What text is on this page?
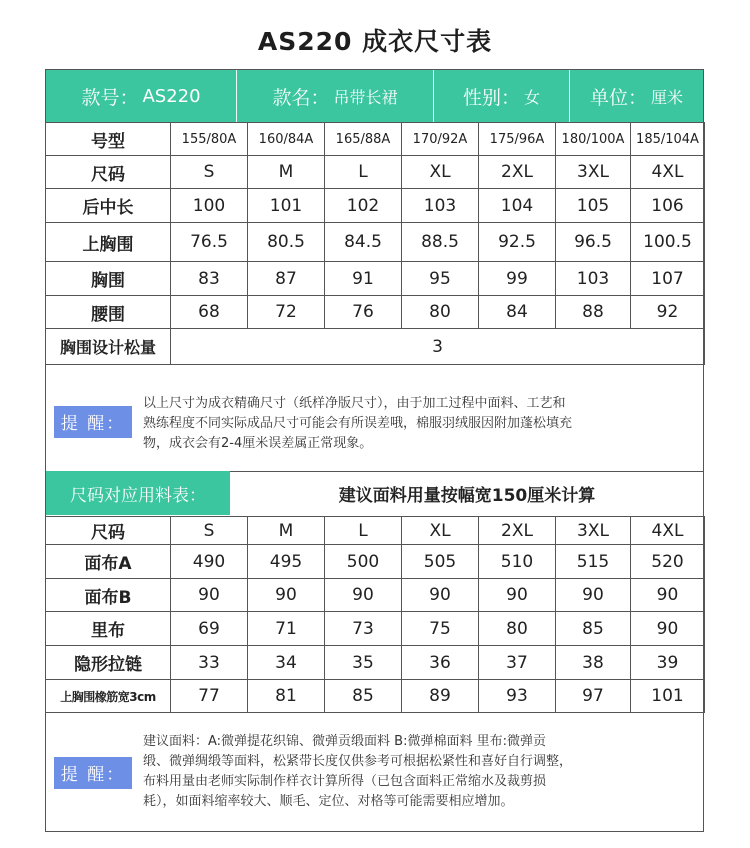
AS220 成衣尺寸表
款号： AS220	款名： 吊带长裙	性别： 女	单位： 厘米
号型	155/80A	160/84A	165/88A	170/92A	175/96A	180/100A	185/104A
尺码	S	M	L	XL	2XL	3XL	4XL
后中长	100	101	102	103	104	105	106
上胸围	76.5	80.5	84.5	88.5	92.5	96.5	100.5
胸围	83	87	91	95	99	103	107
腰围	68	72	76	80	84	88	92
胸围设计松量	3						
提 醒：
以上尺寸为成衣精确尺寸（纸样净版尺寸），由于加工过程中面料、工艺和
熟练程度不同实际成品尺寸可能会有所误差哦，棉服羽绒服因附加蓬松填充
物，成衣会有2-4厘米误差属正常现象。
尺码对应用料表：	建议面料用量按幅宽150厘米计算
尺码	S	M	L	XL	2XL	3XL	4XL
面布A	490	495	500	505	510	515	520
面布B	90	90	90	90	90	90	90
里布	69	71	73	75	80	85	90
隐形拉链	33	34	35	36	37	38	39
上胸围橡筋宽3cm	77	81	85	89	93	97	101
提 醒：
建议面料：A:微弹提花织锦、微弹贡缎面料 B:微弹棉面料 里布:微弹贡
缎、微弹绸缎等面料，松紧带长度仅供参考可根据松紧性和喜好自行调整，
布料用量由老师实际制作样衣计算所得（已包含面料正常缩水及裁剪损
耗），如面料缩率较大、顺毛、定位、对格等可能需要相应增加。
